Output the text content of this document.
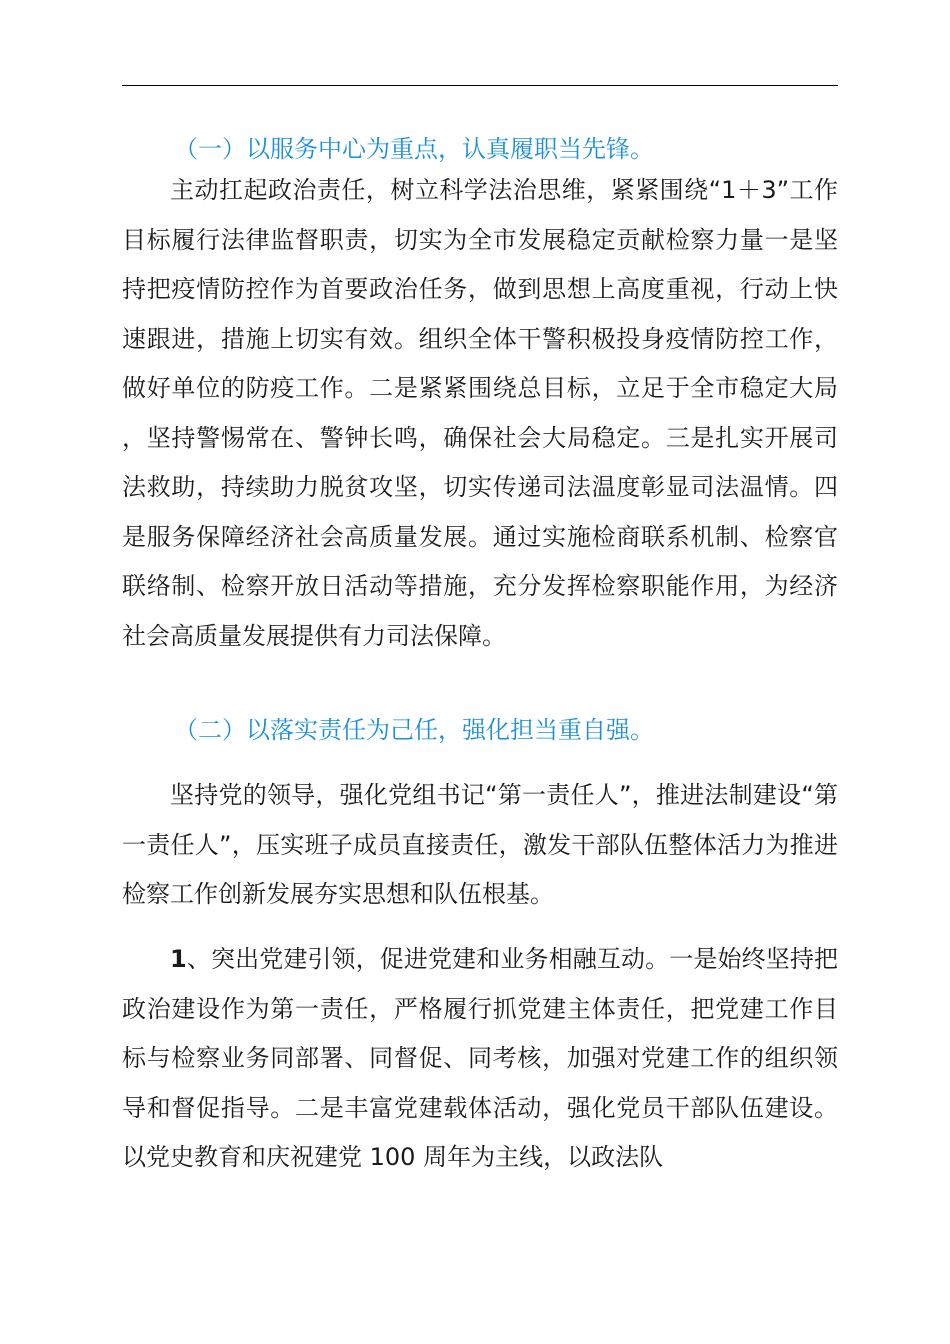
（一）以服务中心为重点，认真履职当先锋。
主动扛起政治责任，树立科学法治思维，紧紧围绕“1＋3”工作目标履行法律监督职责，切实为全市发展稳定贡献检察力量一是坚持把疫情防控作为首要政治任务，做到思想上高度重视，行动上快速跟进，措施上切实有效。组织全体干警积极投身疫情防控工作，做好单位的防疫工作。二是紧紧围绕总目标，立足于全市稳定大局，坚持警惕常在、警钟长鸣，确保社会大局稳定。三是扎实开展司法救助，持续助力脱贫攻坚，切实传递司法温度彰显司法温情。四是服务保障经济社会高质量发展。通过实施检商联系机制、检察官联络制、检察开放日活动等措施，充分发挥检察职能作用，为经济社会高质量发展提供有力司法保障。
（二）以落实责任为己任，强化担当重自强。
坚持党的领导，强化党组书记“第一责任人”，推进法制建设“第一责任人”，压实班子成员直接责任，激发干部队伍整体活力为推进检察工作创新发展夯实思想和队伍根基。
1、突出党建引领，促进党建和业务相融互动。一是始终坚持把政治建设作为第一责任，严格履行抓党建主体责任，把党建工作目标与检察业务同部署、同督促、同考核，加强对党建工作的组织领导和督促指导。二是丰富党建载体活动，强化党员干部队伍建设。以党史教育和庆祝建党 100 周年为主线，以政法队
